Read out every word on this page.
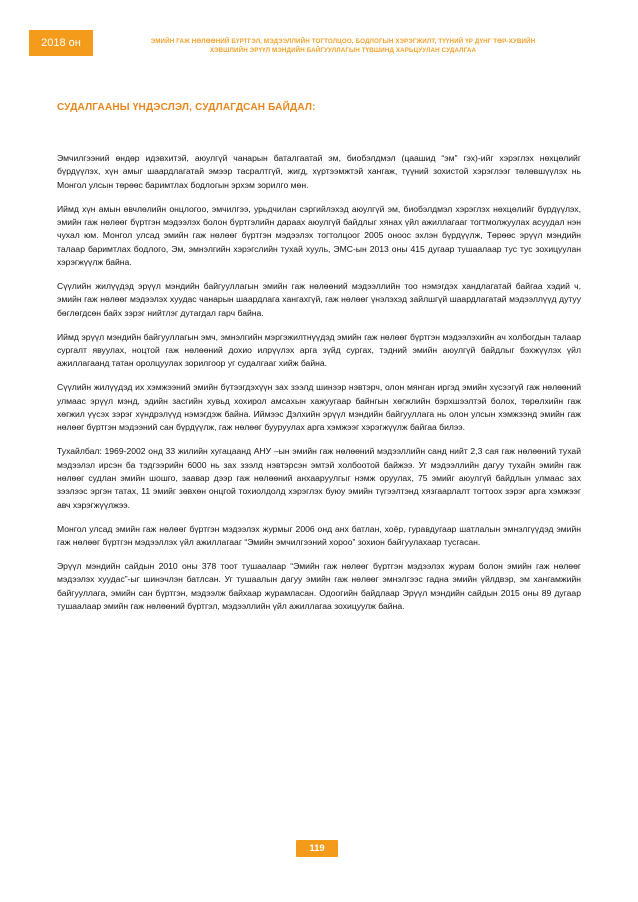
2018 он	ЭМИЙН ГАЖ НӨЛӨӨНИЙ БҮРТГЭЛ, МЭДЭЭЛЛИЙН ТОГТОЛЦОО, БОДЛОГЫН ХЭРЭГЖИЛТ, ТҮҮНИЙ ҮР ДҮНГ ТӨР-ХУВИЙН
ХЭВШЛИЙН ЭРҮҮЛ МЭНДИЙН БАЙГУУЛЛАГЫН ТҮВШИНД ХАРЬЦУУЛАН СУДАЛГАА
СУДАЛГААНЫ ҮНДЭСЛЭЛ, СУДЛАГДСАН БАЙДАЛ:

Эмчилгээний өндөр идэвхитэй, аюулгүй чанарын баталгаатай эм, биобэлдмэл (цаашид “эм” гэх)-ийг хэрэглэх нөхцөлийг бүрдүүлэх, хүн амыг шаардлагатай эмээр тасралтгүй, жигд, хүртээмжтэй хангаж, түүний зохистой хэрэглээг төлөвшүүлэх нь Монгол улсын төрөөс баримтлах бодлогын эрхэм зорилго мөн.

Иймд хүн амын өвчлөлийн онцлогоо, эмчилгээ, урьдчилан сэргийлэхэд аюулгүй эм, биобэлдмэл хэрэглэх нөхцөлийг бүрдүүлэх, эмийн гаж нөлөөг бүртгэн мэдээлэх болон бүртгэлийн дараах аюулгүй байдлыг хянах үйл ажиллагааг тогтмолжуулах асуудал нэн чухал юм. Монгол улсад эмийн гаж нөлөөг бүртгэн мэдээлэх тогтолцоог 2005 оноос эхлэн бүрдүүлж, Төрөөс эрүүл мэндийн талаар баримтлах бодлого, Эм, эмнэлгийн хэрэгслийн тухай хууль, ЭМС-ын 2013 оны 415 дугаар тушаалаар тус тус зохицуулан хэрэгжүүлж байна.

Сүүлийн жилүүдэд эрүүл мэндийн байгууллагын эмийн гаж нөлөөний мэдээллийн тоо нэмэгдэх хандлагатай байгаа хэдий ч, эмийн гаж нөлөөг мэдээлэх хуудас чанарын шаардлага хангахгүй, гаж нөлөөг үнэлэхэд зайлшгүй шаардлагатай мэдээллүүд дутуу бөглөгдсөн байх зэрэг нийтлэг дутагдал гарч байна.

Иймд эрүүл мэндийн байгууллагын эмч, эмнэлгийн мэргэжилтнүүдэд эмийн гаж нөлөөг бүртгэн мэдээлэхийн ач холбогдын талаар сургалт явуулах, ноцтой гаж нөлөөний дохио илрүүлэх арга зүйд сургах, тэдний эмийн аюулгүй байдлыг бэхжүүлэх үйл ажиллагаанд татан оролцуулах зорилгоор уг судалгааг хийж байна.

Сүүлийн жилүүдэд их хэмжээний эмийн бүтээгдэхүүн зах зээлд шинээр нэвтэрч, олон мянган иргэд эмийн хүсээгүй гаж нөлөөний улмаас эрүүл мэнд, эдийн засгийн хувьд хохирол амсахын хажуугаар байнгын хөгжлийн бэрхшээлтэй болох, төрөлхийн гаж хөгжил үүсэх зэрэг хүндрэлүүд нэмэгдэж байна. Иймээс Дэлхийн эрүүл мэндийн байгууллага нь олон улсын хэмжээнд эмийн гаж нөлөөг бүртгэн мэдээний сан бүрдүүлж, гаж нөлөөг бууруулах арга хэмжээг хэрэгжүүлж байгаа билээ.

Тухайлбал: 1969-2002 онд 33 жилийн хугацаанд АНУ –ын эмийн гаж нөлөөний мэдээллийн санд нийт 2,3 сая гаж нөлөөний тухай мэдээлэл ирсэн ба тэдгээрийн 6000 нь зах зээлд нэвтэрсэн эмтэй холбоотой байжээ. Уг мэдээллийн дагуу тухайн эмийн гаж нөлөөг судлан эмийн шошго, заавар дээр гаж нөлөөний анхааруулгыг нэмж оруулах, 75 эмийг аюулгүй байдлын улмаас зах зээлээс эргэн татах, 11 эмийг зөвхөн онцгой тохиолдолд хэрэглэх буюу эмийн түгээлтэнд хязгаарлалт тогтоох зэрэг арга хэмжээг авч хэрэгжүүлжээ.

Монгол улсад эмийн гаж нөлөөг бүртгэн мэдээлэх журмыг 2006 онд анх батлан, хоёр, гуравдугаар шатлалын эмнэлгүүдэд эмийн гаж нөлөөг бүртгэн мэдээллэх үйл ажиллагааг “Эмийн эмчилгээний хороо” зохион байгуулахаар тусгасан.

Эрүүл мэндийн сайдын 2010 оны 378 тоот тушаалаар “Эмийн гаж нөлөөг бүртгэн мэдээлэх журам болон эмийн гаж нөлөөг мэдээлэх хуудас”-ыг шинэчлэн батлсан. Уг тушаалын дагуу эмийн гаж нөлөөг эмнэлгээс гадна эмийн үйлдвэр, эм хангамжийн байгууллага, эмийн сан бүртгэн, мэдээлж байхаар журамласан. Одоогийн байдлаар Эрүүл мэндийн сайдын 2015 оны 89 дугаар тушаалаар эмийн гаж нөлөөний бүртгэл, мэдээллийн үйл ажиллагаа зохицуулж байна.

119
